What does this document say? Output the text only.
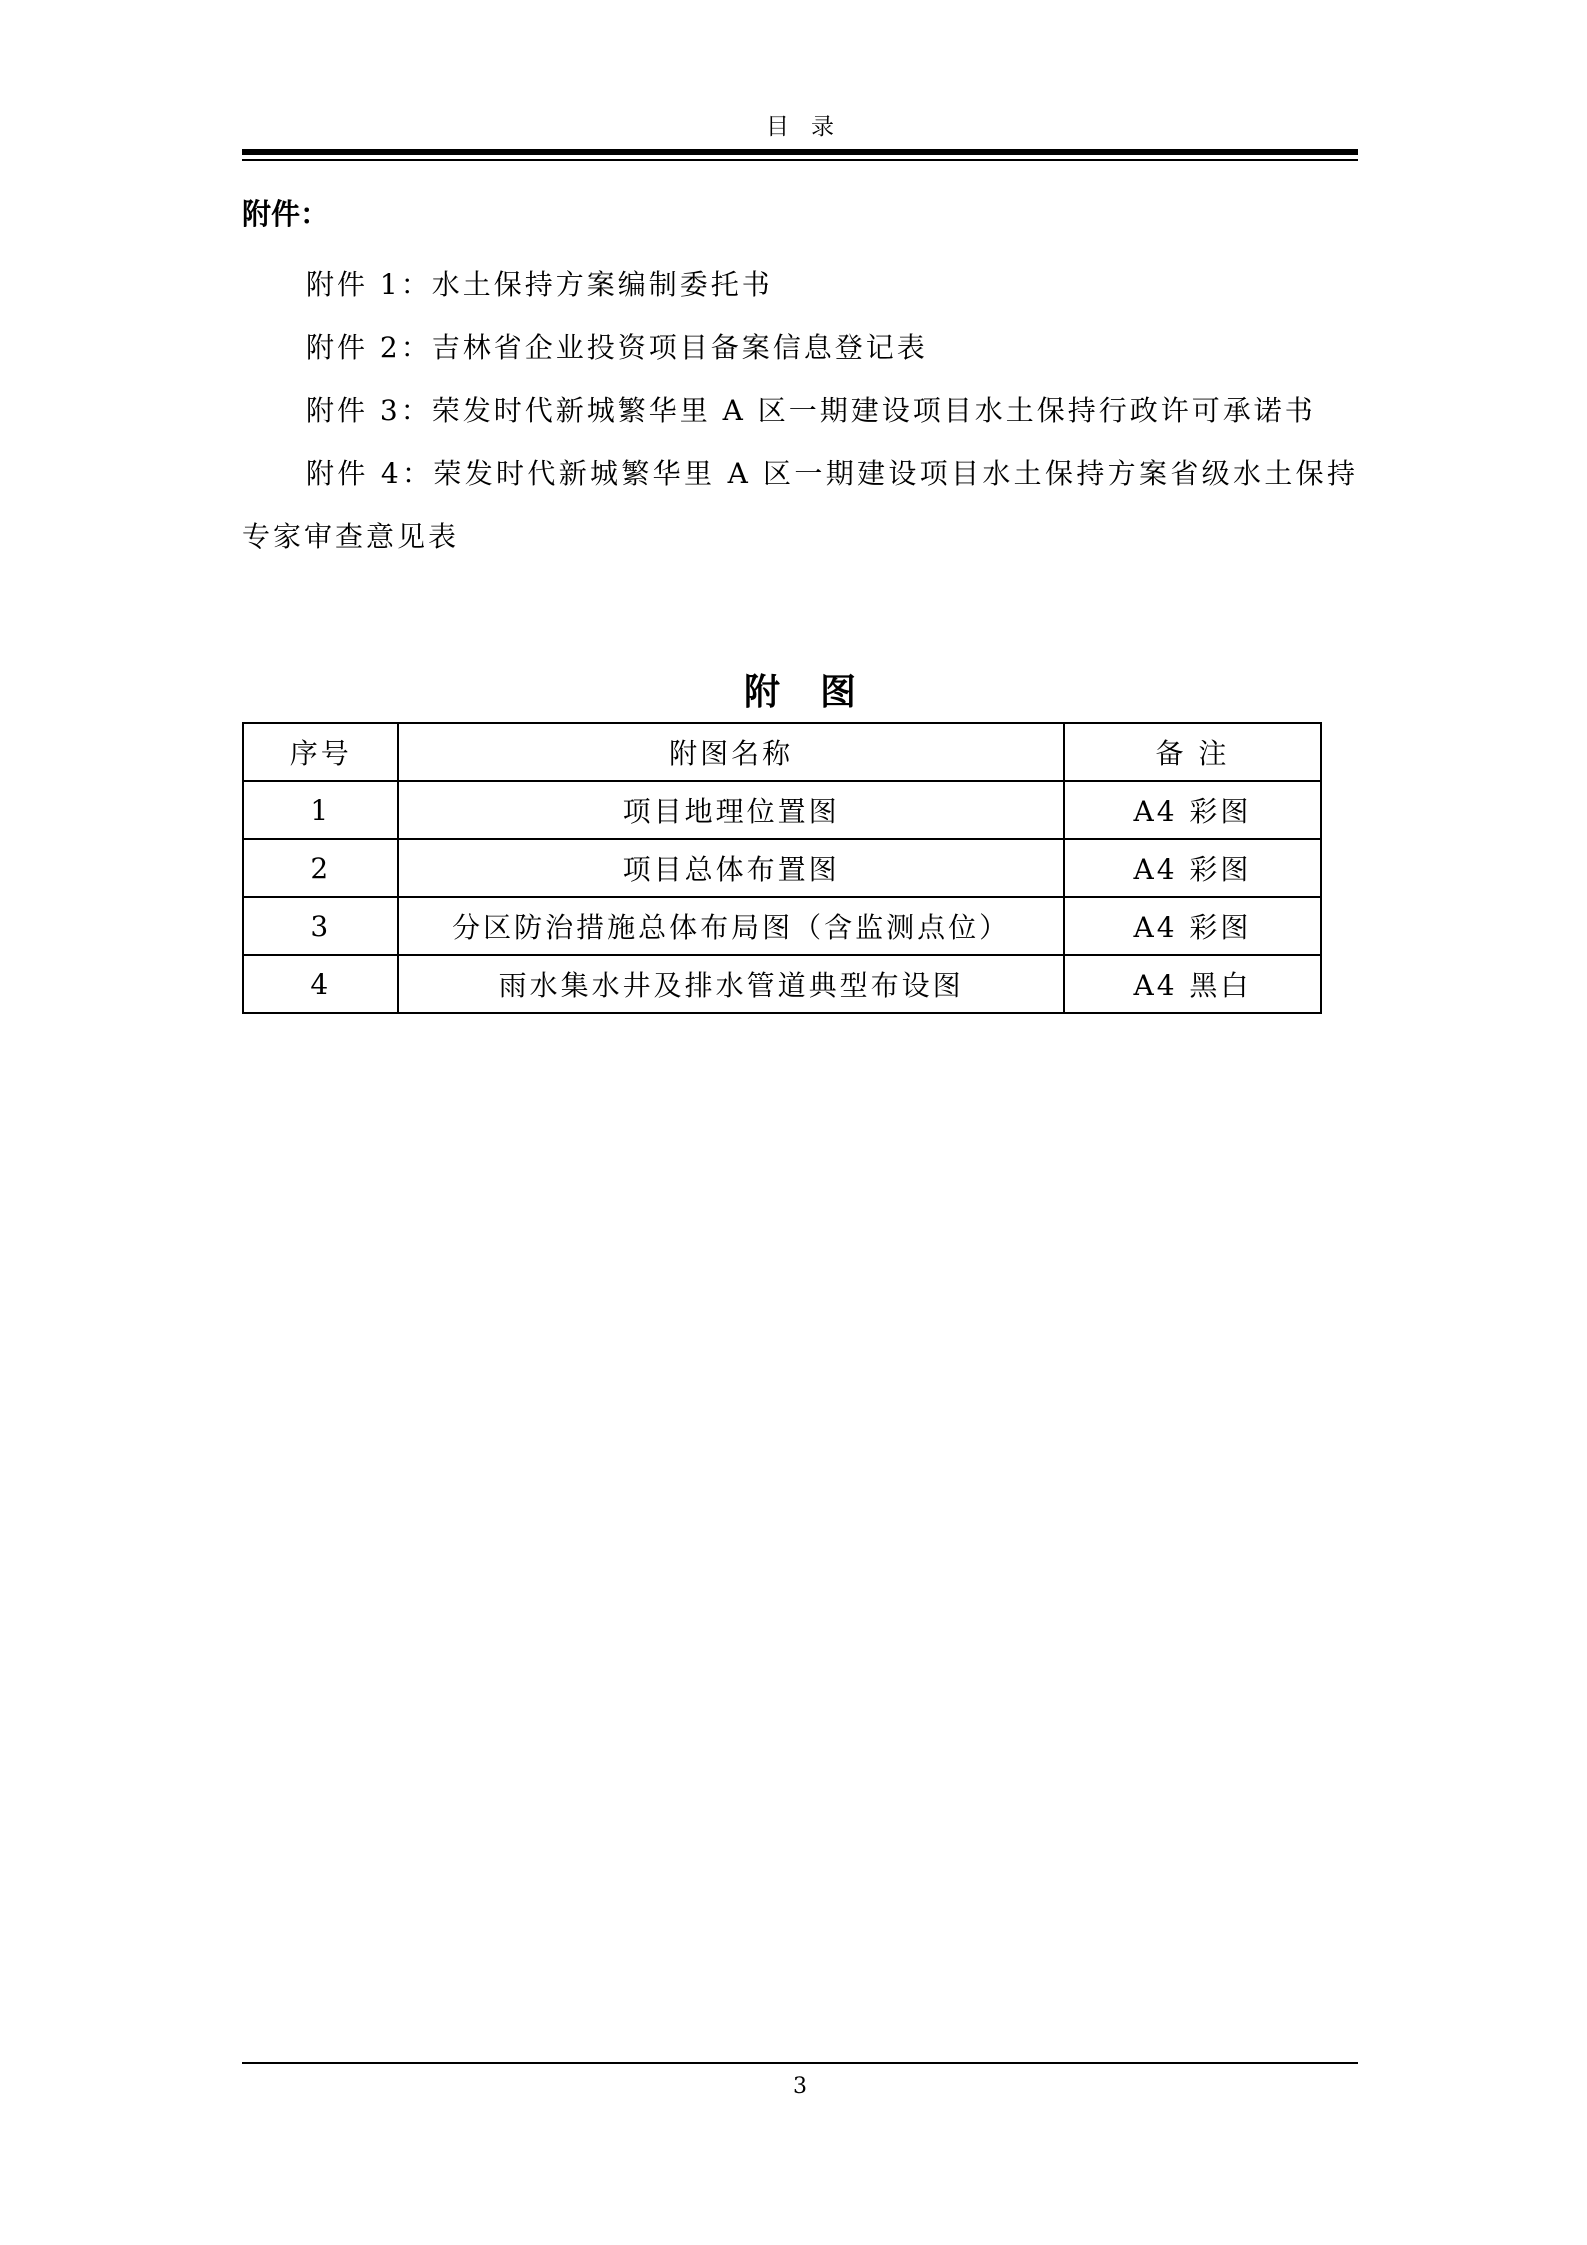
目录
附件：
附件 1：水土保持方案编制委托书
附件 2：吉林省企业投资项目备案信息登记表
附件 3：荣发时代新城繁华里 A 区一期建设项目水土保持行政许可承诺书
附件 4：荣发时代新城繁华里 A 区一期建设项目水土保持方案省级水土保持专家审查意见表
附图
序号	附图名称	备 注
1	项目地理位置图	A4 彩图
2	项目总体布置图	A4 彩图
3	分区防治措施总体布局图（含监测点位）	A4 彩图
4	雨水集水井及排水管道典型布设图	A4 黑白
3
